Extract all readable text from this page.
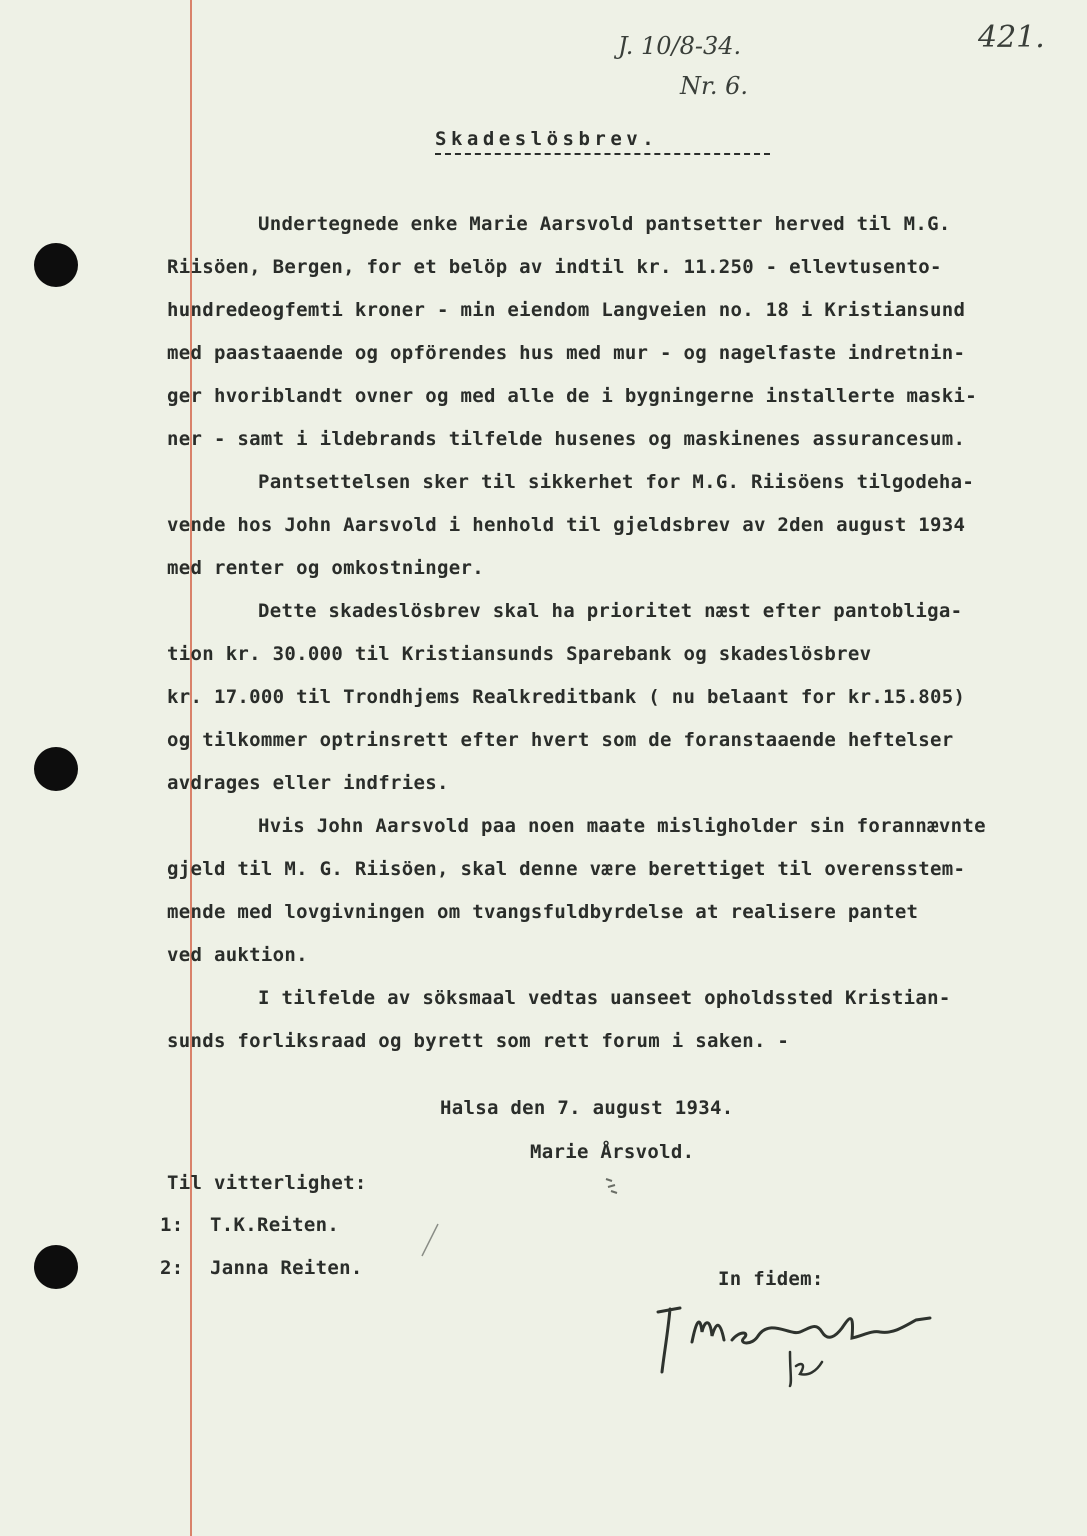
J. 10/8-34.
Nr. 6.
421.
Skadeslösbrev.
Undertegnede enke Marie Aarsvold pantsetter herved til M.G.
Riisöen, Bergen, for et belöp av indtil kr. 11.250 - ellevtusento-
hundredeogfemti kroner - min eiendom Langveien no. 18 i Kristiansund
med paastaaende og opförendes hus med mur - og nagelfaste indretnin-
ger hvoriblandt ovner og med alle de i bygningerne installerte maski-
ner - samt i ildebrands tilfelde husenes og maskinenes assurancesum.
Pantsettelsen sker til sikkerhet for M.G. Riisöens tilgodeha-
vende hos John Aarsvold i henhold til gjeldsbrev av 2den august 1934
med renter og omkostninger.
Dette skadeslösbrev skal ha prioritet næst efter pantobliga-
tion kr. 30.000 til Kristiansunds Sparebank og skadeslösbrev
kr. 17.000 til Trondhjems Realkreditbank ( nu belaant for kr.15.805)
og tilkommer optrinsrett efter hvert som de foranstaaende heftelser
avdrages eller indfries.
Hvis John Aarsvold paa noen maate misligholder sin forannævnte
gjeld til M. G. Riisöen, skal denne være berettiget til overensstem-
mende med lovgivningen om tvangsfuldbyrdelse at realisere pantet
ved auktion.
I tilfelde av söksmaal vedtas uanseet opholdssted Kristian-
sunds forliksraad og byrett som rett forum i saken. -
Halsa den 7. august 1934.
Marie Årsvold.
Til vitterlighet:
1: T.K.Reiten.
2: Janna Reiten.	In fidem:
